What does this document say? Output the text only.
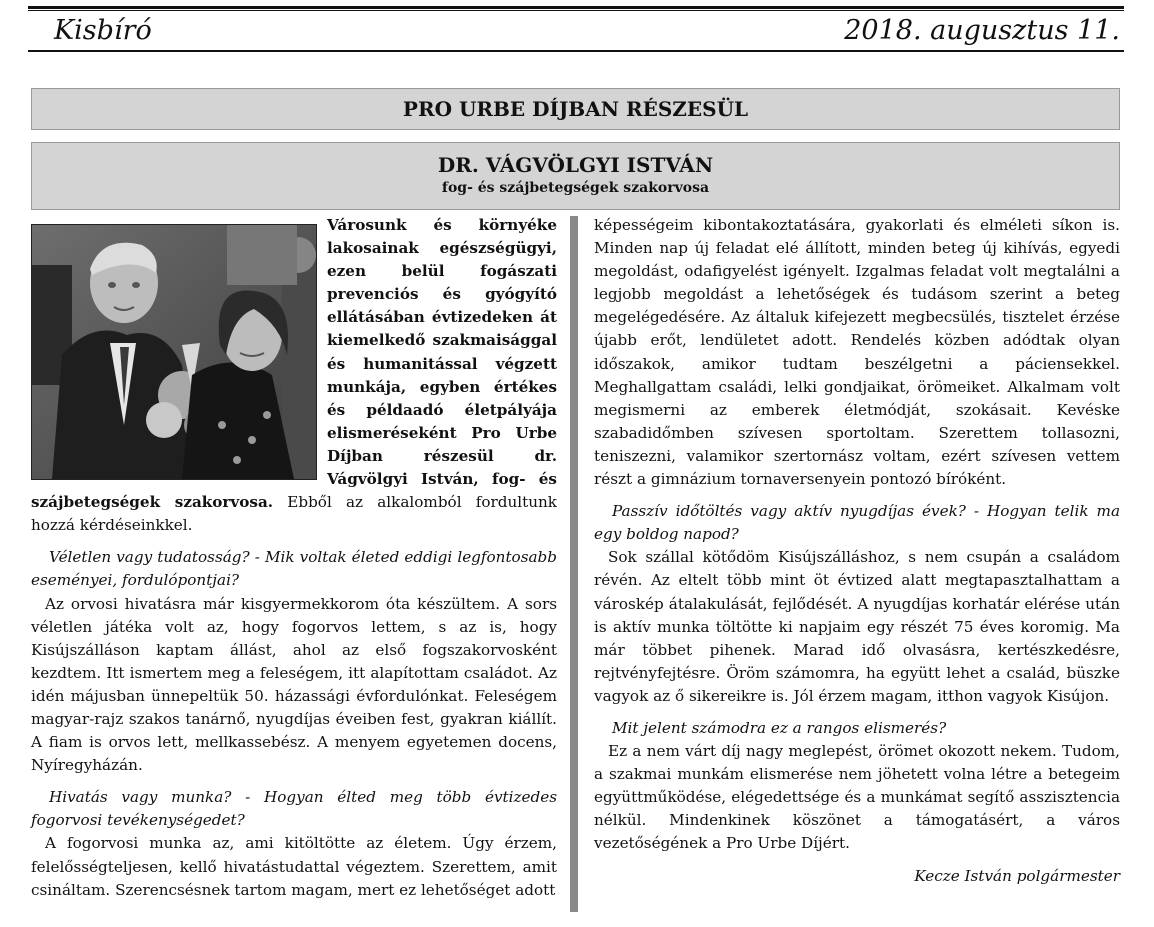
Kisbíró	2018. augusztus 11.
PRO URBE DÍJBAN RÉSZESÜL
DR. VÁGVÖLGYI ISTVÁN
fog- és szájbetegségek szakorvosa

Városunk és környéke lakosainak egészségügyi, ezen belül fogászati prevenciós és gyógyító ellátásában évtizedeken át kiemelkedő szakmaisággal és humanitással végzett munkája, egyben értékes és példaadó életpályája elismeréseként Pro Urbe Díjban részesül dr. Vágvölgyi István, fog- és szájbetegségek szakorvosa. Ebből az alkalomból fordultunk hozzá kérdéseinkkel.

Véletlen vagy tudatosság? - Mik voltak életed eddigi legfontosabb eseményei, fordulópontjai?

Az orvosi hivatásra már kisgyermekkorom óta készültem. A sors véletlen játéka volt az, hogy fogorvos lettem, s az is, hogy Kisújszálláson kaptam állást, ahol az első fogszakorvosként kezdtem. Itt ismertem meg a feleségem, itt alapítottam családot. Az idén májusban ünnepeltük 50. házassági évfordulónkat. Feleségem magyar-rajz szakos tanárnő, nyugdíjas éveiben fest, gyakran kiállít. A fiam is orvos lett, mellkassebész. A menyem egyetemen docens, Nyíregyházán.

Hivatás vagy munka? - Hogyan élted meg több évtizedes fogorvosi tevékenységedet?

A fogorvosi munka az, ami kitöltötte az életem. Úgy érzem, felelősségteljesen, kellő hivatástudattal végeztem. Szerettem, amit csináltam. Szerencsésnek tartom magam, mert ez lehetőséget adott

képességeim kibontakoztatására, gyakorlati és elméleti síkon is. Minden nap új feladat elé állított, minden beteg új kihívás, egyedi megoldást, odafigyelést igényelt. Izgalmas feladat volt megtalálni a legjobb megoldást a lehetőségek és tudásom szerint a beteg megelégedésére. Az általuk kifejezett megbecsülés, tisztelet érzése újabb erőt, lendületet adott. Rendelés közben adódtak olyan időszakok, amikor tudtam beszélgetni a páciensekkel. Meghallgattam családi, lelki gondjaikat, örömeiket. Alkalmam volt megismerni az emberek életmódját, szokásait. Kevéske szabadidőmben szívesen sportoltam. Szerettem tollasozni, teniszezni, valamikor szertornász voltam, ezért szívesen vettem részt a gimnázium tornaversenyein pontozó bíróként.

Passzív időtöltés vagy aktív nyugdíjas évek? - Hogyan telik ma egy boldog napod?

Sok szállal kötődöm Kisújszálláshoz, s nem csupán a családom révén. Az eltelt több mint öt évtized alatt megtapasztalhattam a városkép átalakulását, fejlődését. A nyugdíjas korhatár elérése után is aktív munka töltötte ki napjaim egy részét 75 éves koromig. Ma már többet pihenek. Marad idő olvasásra, kertészkedésre, rejtvényfejtésre. Öröm számomra, ha együtt lehet a család, büszke vagyok az ő sikereikre is. Jól érzem magam, itthon vagyok Kisújon.

Mit jelent számodra ez a rangos elismerés?

Ez a nem várt díj nagy meglepést, örömet okozott nekem. Tudom, a szakmai munkám elismerése nem jöhetett volna létre a betegeim együttműködése, elégedettsége és a munkámat segítő asszisztencia nélkül. Mindenkinek köszönet a támogatásért, a város vezetőségének a Pro Urbe Díjért.

Kecze István polgármester
